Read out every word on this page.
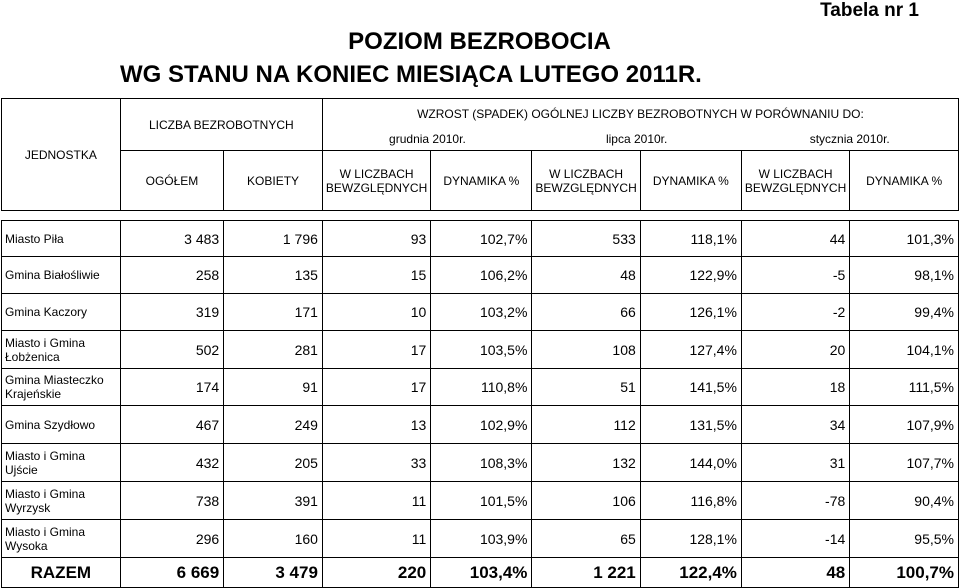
Tabela nr 1
POZIOM BEZROBOCIA
WG STANU NA KONIEC MIESIĄCA LUTEGO 2011R.
JEDNOSTKA	LICZBA BEZROBOTNYCH		WZROST (SPADEK) OGÓLNEJ LICZBY BEZROBOTNYCH W PORÓWNANIU DO:					
			grudnia 2010r.		lipca 2010r.		stycznia 2010r.	
	OGÓŁEM	KOBIETY	W LICZBACH BEWZGLĘDNYCH	DYNAMIKA %	W LICZBACH BEWZGLĘDNYCH	DYNAMIKA %	W LICZBACH BEWZGLĘDNYCH	DYNAMIKA %

Miasto Piła	3 483	1 796	93	102,7%	533	118,1%	44	101,3%
Gmina Białośliwie	258	135	15	106,2%	48	122,9%	-5	98,1%
Gmina Kaczory	319	171	10	103,2%	66	126,1%	-2	99,4%
Miasto i Gmina Łobżenica	502	281	17	103,5%	108	127,4%	20	104,1%
Gmina Miasteczko Krajeńskie	174	91	17	110,8%	51	141,5%	18	111,5%
Gmina Szydłowo	467	249	13	102,9%	112	131,5%	34	107,9%
Miasto i Gmina Ujście	432	205	33	108,3%	132	144,0%	31	107,7%
Miasto i Gmina Wyrzysk	738	391	11	101,5%	106	116,8%	-78	90,4%
Miasto i Gmina Wysoka	296	160	11	103,9%	65	128,1%	-14	95,5%
RAZEM	6 669	3 479	220	103,4%	1 221	122,4%	48	100,7%
